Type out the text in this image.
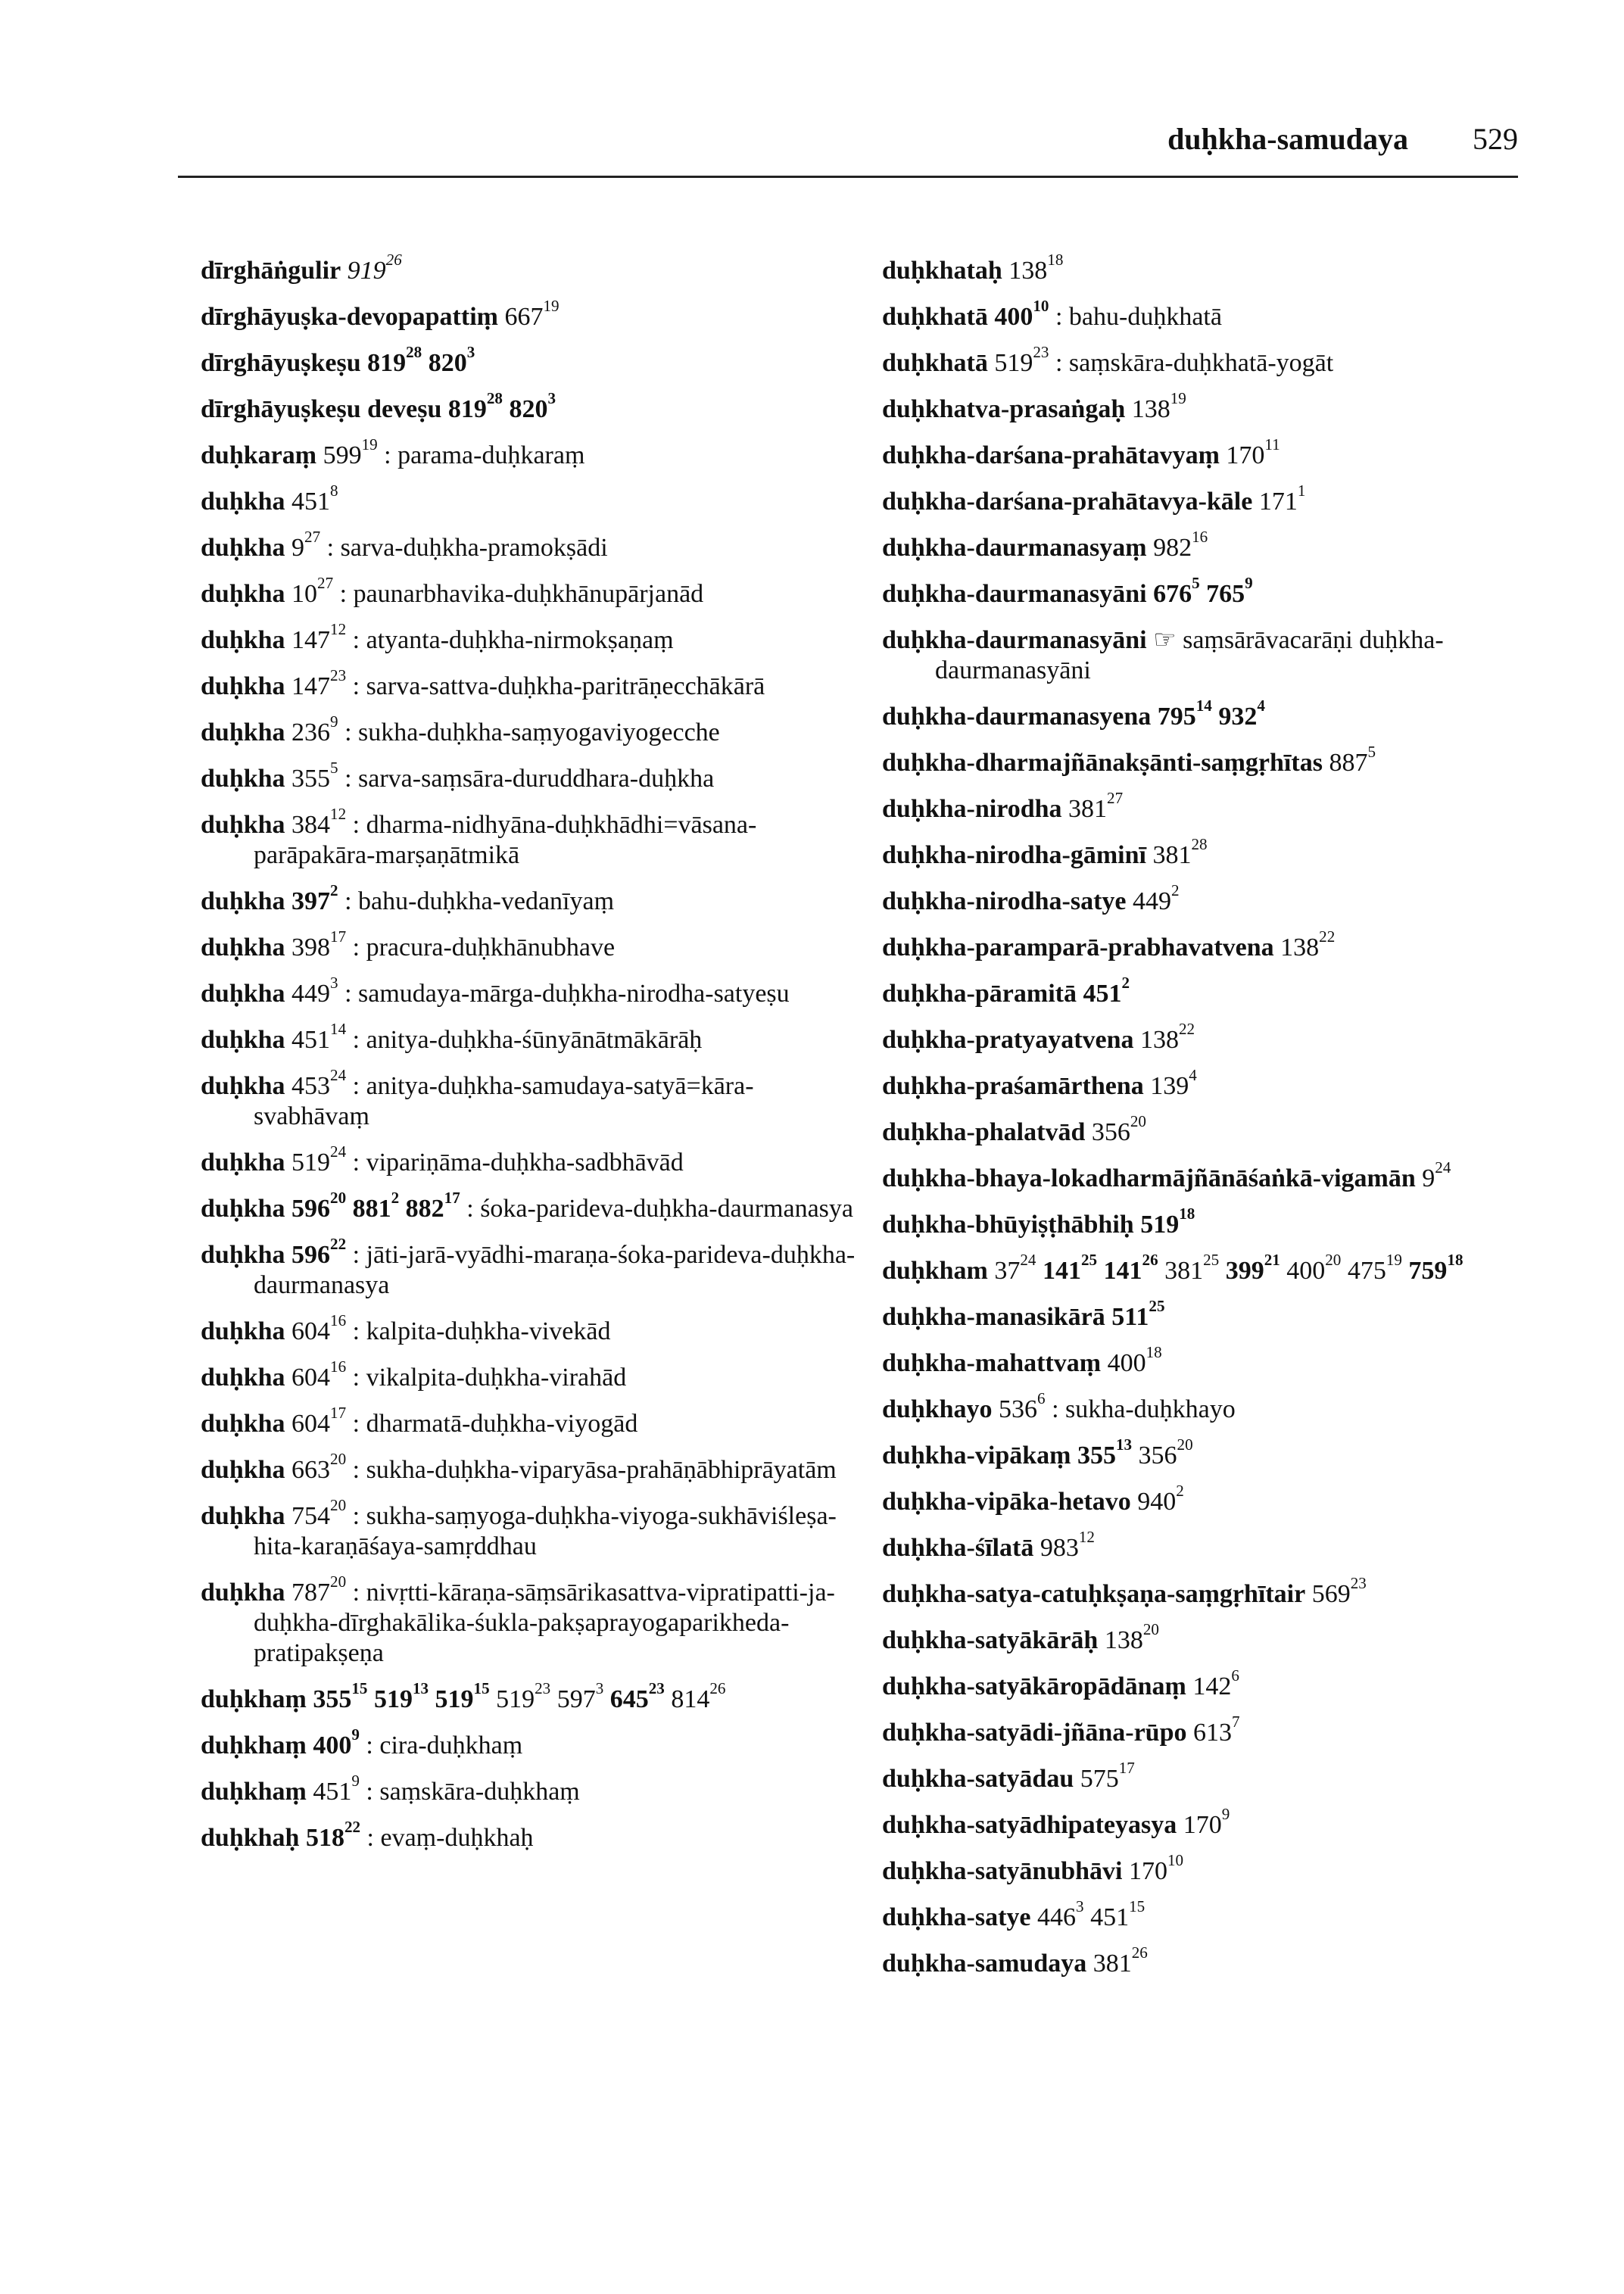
duḥkha-samudaya 529
dīrghāṅgulir $919^{26}$
dīrghāyuṣka-devopapattiṃ $667^{19}$
dīrghāyuṣkeṣu $819^{28}$ $820^3$
dīrghāyuṣkeṣu deveṣu $819^{28}$ $820^3$
duḥkaraṃ $599^{19}$ : parama-duḥkaraṃ
duḥkha $451^8$
duḥkha $9^{27}$ : sarva-duḥkha-pramokṣādi
duḥkha $10^{27}$ : paunarbhavika-duḥkhānupārjanād
duḥkha $147^{12}$ : atyanta-duḥkha-nirmokṣaṇaṃ
duḥkha $147^{23}$ : sarva-sattva-duḥkha-paritrāṇecchākārā
duḥkha $236^9$ : sukha-duḥkha-saṃyogaviyogecche
duḥkha $355^5$ : sarva-saṃsāra-duruddhara-duḥkha
duḥkha $384^{12}$ : dharma-nidhyāna-duḥkhādhi=vāsana-parāpakāra-marṣaṇātmikā
duḥkha $397^2$ : bahu-duḥkha-vedanīyaṃ
duḥkha $398^{17}$ : pracura-duḥkhānubhave
duḥkha $449^3$ : samudaya-mārga-duḥkha-nirodha-satyeṣu
duḥkha $451^{14}$ : anitya-duḥkha-śūnyānātmākārāḥ
duḥkha $453^{24}$ : anitya-duḥkha-samudaya-satyā=kāra-svabhāvaṃ
duḥkha $519^{24}$ : vipariṇāma-duḥkha-sadbhāvād
duḥkha $596^{20}$ $881^2$ $882^{17}$ : śoka-parideva-duḥkha-daurmanasya
duḥkha $596^{22}$ : jāti-jarā-vyādhi-maraṇa-śoka-parideva-duḥkha-daurmanasya
duḥkha $604^{16}$ : kalpita-duḥkha-vivekād
duḥkha $604^{16}$ : vikalpita-duḥkha-virahād
duḥkha $604^{17}$ : dharmatā-duḥkha-viyogād
duḥkha $663^{20}$ : sukha-duḥkha-viparyāsa-prahāṇābhiprāyatām
duḥkha $754^{20}$ : sukha-saṃyoga-duḥkha-viyoga-sukhāviśleṣa-hita-karaṇāśaya-samṛddhau
duḥkha $787^{20}$ : nivṛtti-kāraṇa-sāṃsārikasattva-vipratipatti-ja-duḥkha-dīrghakālika-śukla-pakṣaprayogaparikheda-pratipakṣeṇa
duḥkhaṃ $355^{15}$ $519^{13}$ $519^{15}$ $519^{23}$ $597^3$ $645^{23}$ $814^{26}$
duḥkhaṃ $400^9$ : cira-duḥkhaṃ
duḥkhaṃ $451^9$ : saṃskāra-duḥkhaṃ
duḥkhaḥ $518^{22}$ : evaṃ-duḥkhaḥ
duḥkhataḥ $138^{18}$
duḥkhatā $400^{10}$ : bahu-duḥkhatā
duḥkhatā $519^{23}$ : saṃskāra-duḥkhatā-yogāt
duḥkhatva-prasaṅgaḥ $138^{19}$
duḥkha-darśana-prahātavyaṃ $170^{11}$
duḥkha-darśana-prahātavya-kāle $171^1$
duḥkha-daurmanasyaṃ $982^{16}$
duḥkha-daurmanasyāni $676^5$ $765^9$
duḥkha-daurmanasyāni ☞ saṃsārāvacarāṇi duḥkha-daurmanasyāni
duḥkha-daurmanasyena $795^{14}$ $932^4$
duḥkha-dharmajñānakṣānti-saṃgṛhītas $887^5$
duḥkha-nirodha $381^{27}$
duḥkha-nirodha-gāminī $381^{28}$
duḥkha-nirodha-satye $449^2$
duḥkha-paramparā-prabhavatvena $138^{22}$
duḥkha-pāramitā $451^2$
duḥkha-pratyayatvena $138^{22}$
duḥkha-praśamārthena $139^4$
duḥkha-phalatvād $356^{20}$
duḥkha-bhaya-lokadharmājñānāśaṅkā-vigamān $9^{24}$
duḥkha-bhūyiṣṭhābhiḥ $519^{18}$
duḥkham $37^{24}$ $141^{25}$ $141^{26}$ $381^{25}$ $399^{21}$ $400^{20}$ $475^{19}$ $759^{18}$
duḥkha-manasikārā $511^{25}$
duḥkha-mahattvaṃ $400^{18}$
duḥkhayo $536^6$ : sukha-duḥkhayo
duḥkha-vipākaṃ $355^{13}$ $356^{20}$
duḥkha-vipāka-hetavo $940^2$
duḥkha-śīlatā $983^{12}$
duḥkha-satya-catuḥkṣaṇa-saṃgṛhītair $569^{23}$
duḥkha-satyākārāḥ $138^{20}$
duḥkha-satyākāropādānaṃ $142^6$
duḥkha-satyādi-jñāna-rūpo $613^7$
duḥkha-satyādau $575^{17}$
duḥkha-satyādhipateyasya $170^9$
duḥkha-satyānubhāvi $170^{10}$
duḥkha-satye $446^3$ $451^{15}$
duḥkha-samudaya $381^{26}$
